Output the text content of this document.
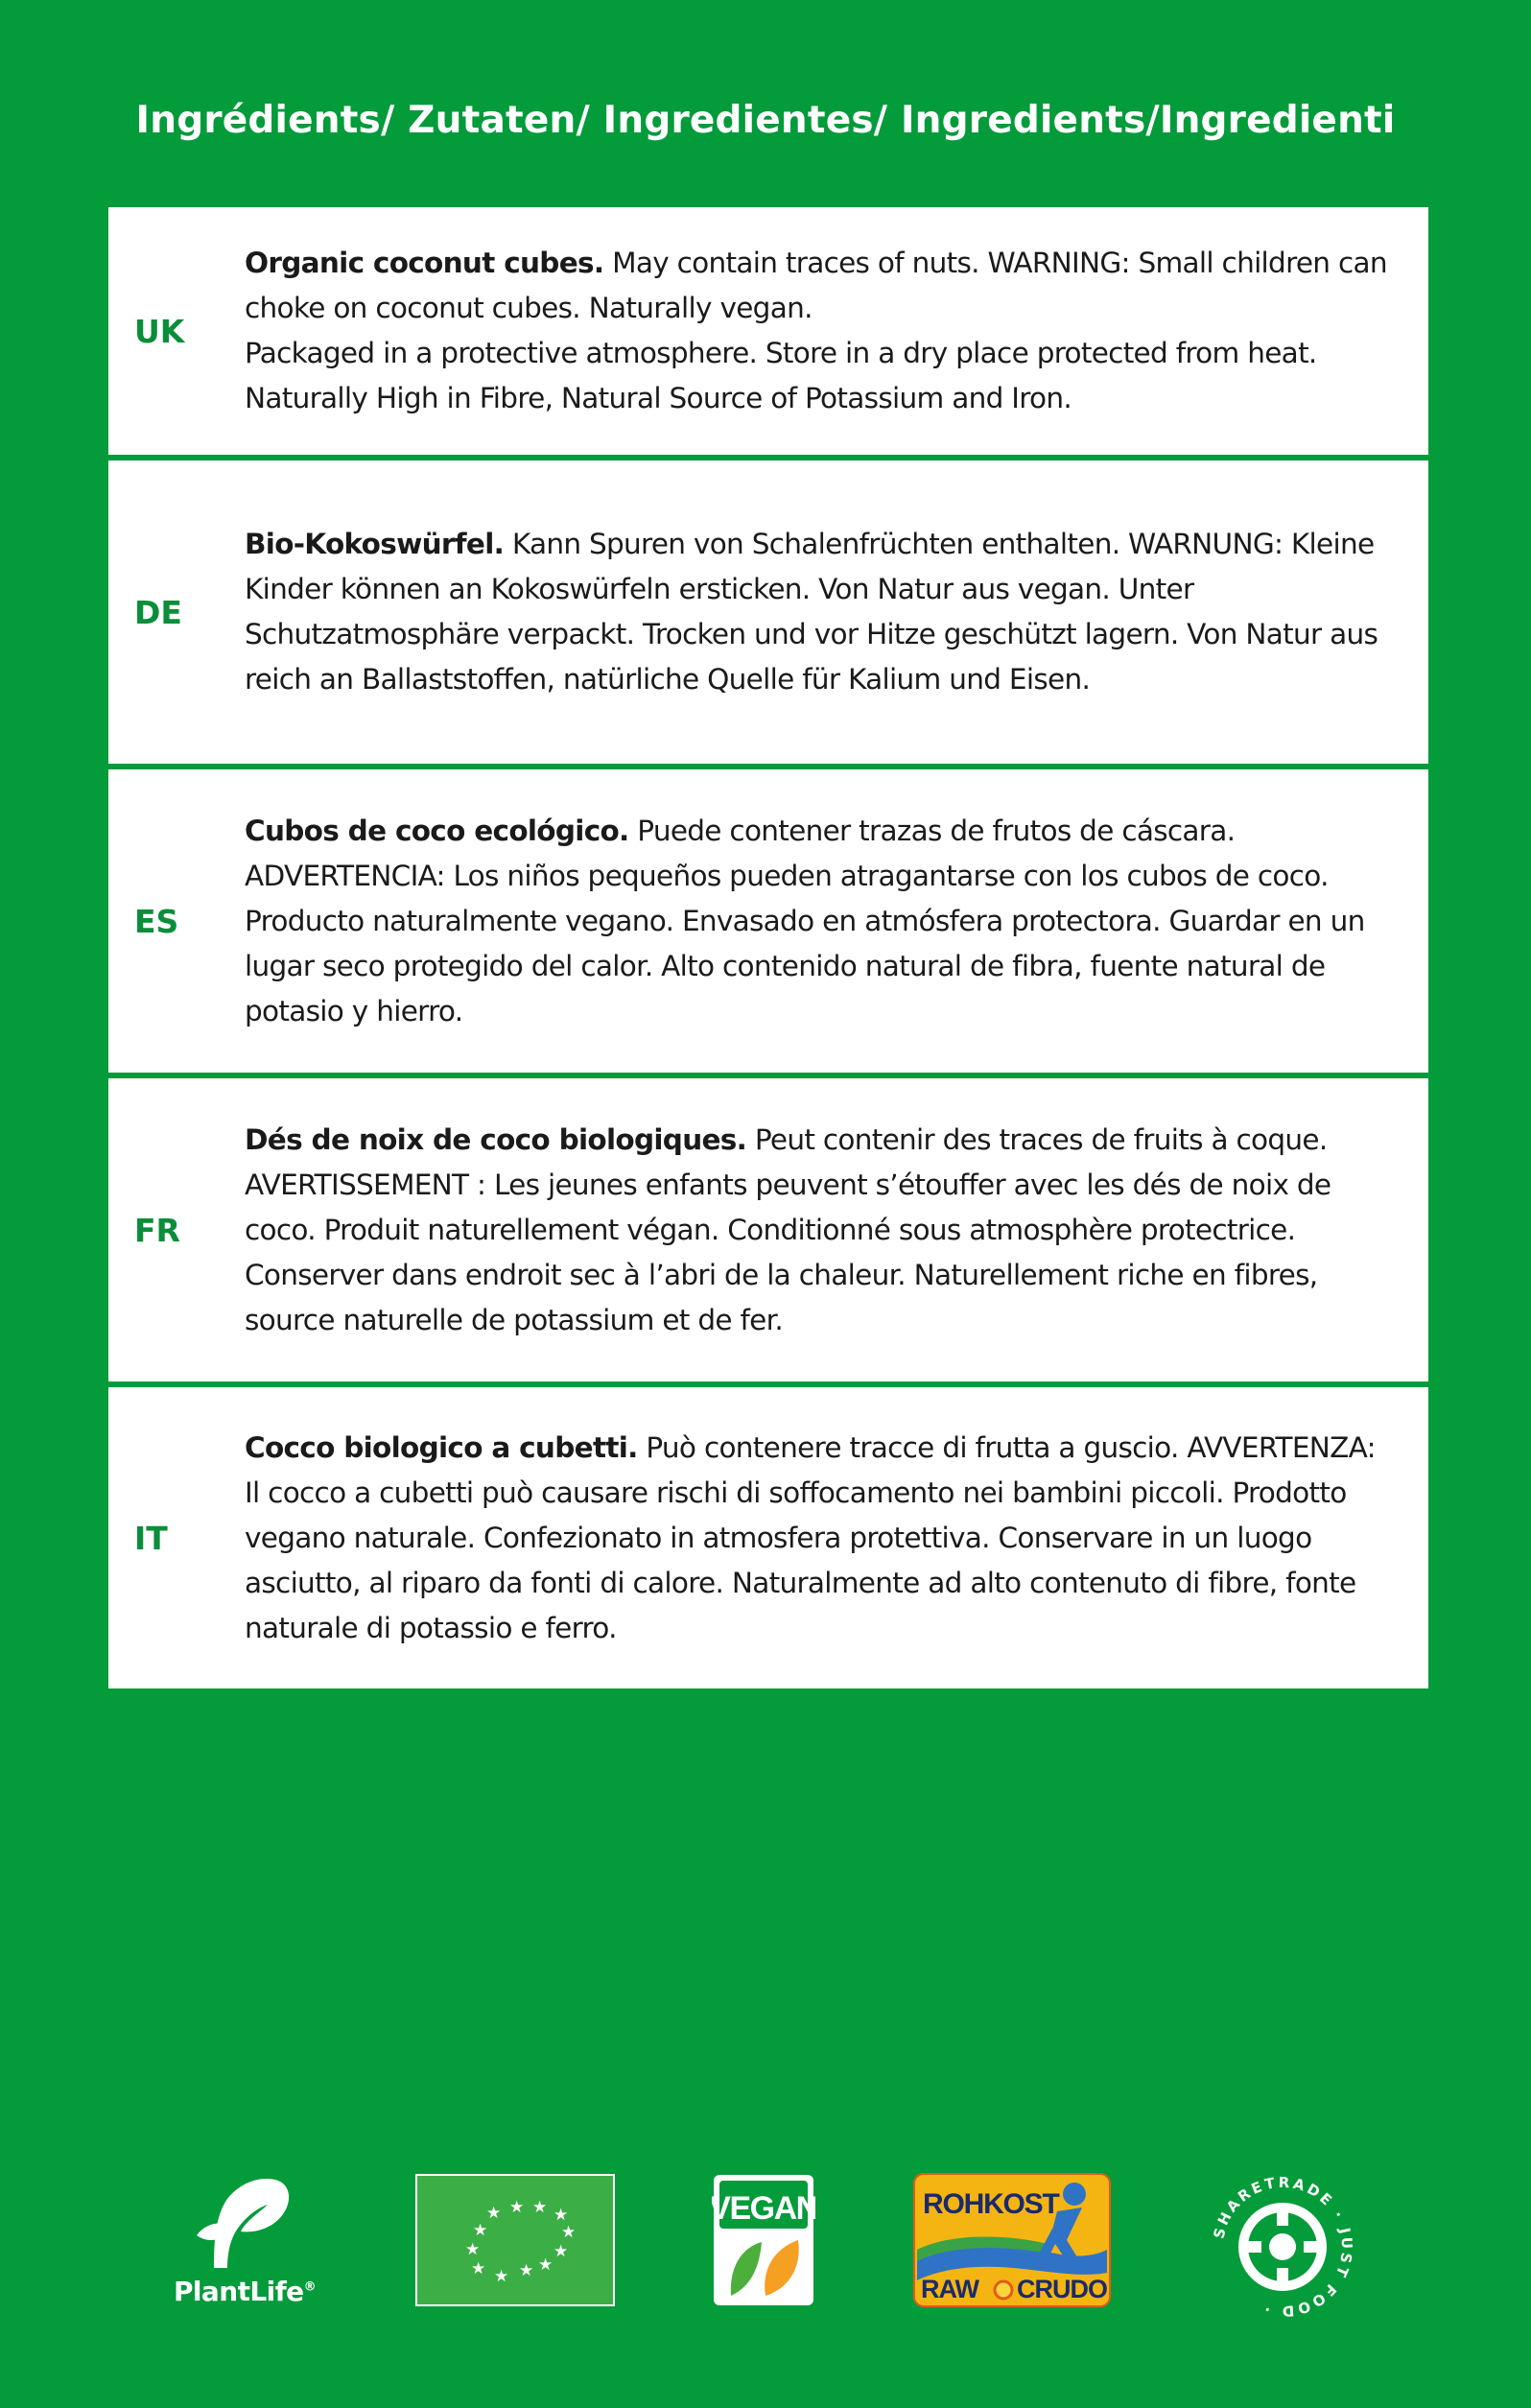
Ingrédients/ Zutaten/ Ingredientes/ Ingredients/Ingredienti
UK
Organic coconut cubes. May contain traces of nuts. WARNING: Small children can choke on coconut cubes. Naturally vegan.
Packaged in a protective atmosphere. Store in a dry place protected from heat. Naturally High in Fibre, Natural Source of Potassium and Iron.
DE
Bio-Kokoswürfel. Kann Spuren von Schalenfrüchten enthalten. WARNUNG: Kleine Kinder können an Kokoswürfeln ersticken. Von Natur aus vegan. Unter Schutzatmosphäre verpackt. Trocken und vor Hitze geschützt lagern. Von Natur aus reich an Ballaststoffen, natürliche Quelle für Kalium und Eisen.
ES
Cubos de coco ecológico. Puede contener trazas de frutos de cáscara. ADVERTENCIA: Los niños pequeños pueden atragantarse con los cubos de coco. Producto naturalmente vegano. Envasado en atmósfera protectora. Guardar en un lugar seco protegido del calor. Alto contenido natural de fibra, fuente natural de potasio y hierro.
FR
Dés de noix de coco biologiques. Peut contenir des traces de fruits à coque. AVERTISSEMENT : Les jeunes enfants peuvent s’étouffer avec les dés de noix de coco. Produit naturellement végan. Conditionné sous atmosphère protectrice. Conserver dans endroit sec à l’abri de la chaleur. Naturellement riche en fibres, source naturelle de potassium et de fer.
IT
Cocco biologico a cubetti. Può contenere tracce di frutta a guscio. AVVERTENZA: Il cocco a cubetti può causare rischi di soffocamento nei bambini piccoli. Prodotto vegano naturale. Confezionato in atmosfera protettiva. Conservare in un luogo asciutto, al riparo da fonti di calore. Naturalmente ad alto contenuto di fibre, fonte naturale di potassio e ferro.
PlantLife®
★ ★ ★ ★
★	★
★	★
★ ★ ★ ★
VEGAN	ROHKOST
RAW CRUDO
SHARETRADE · JUST FOOD ·
